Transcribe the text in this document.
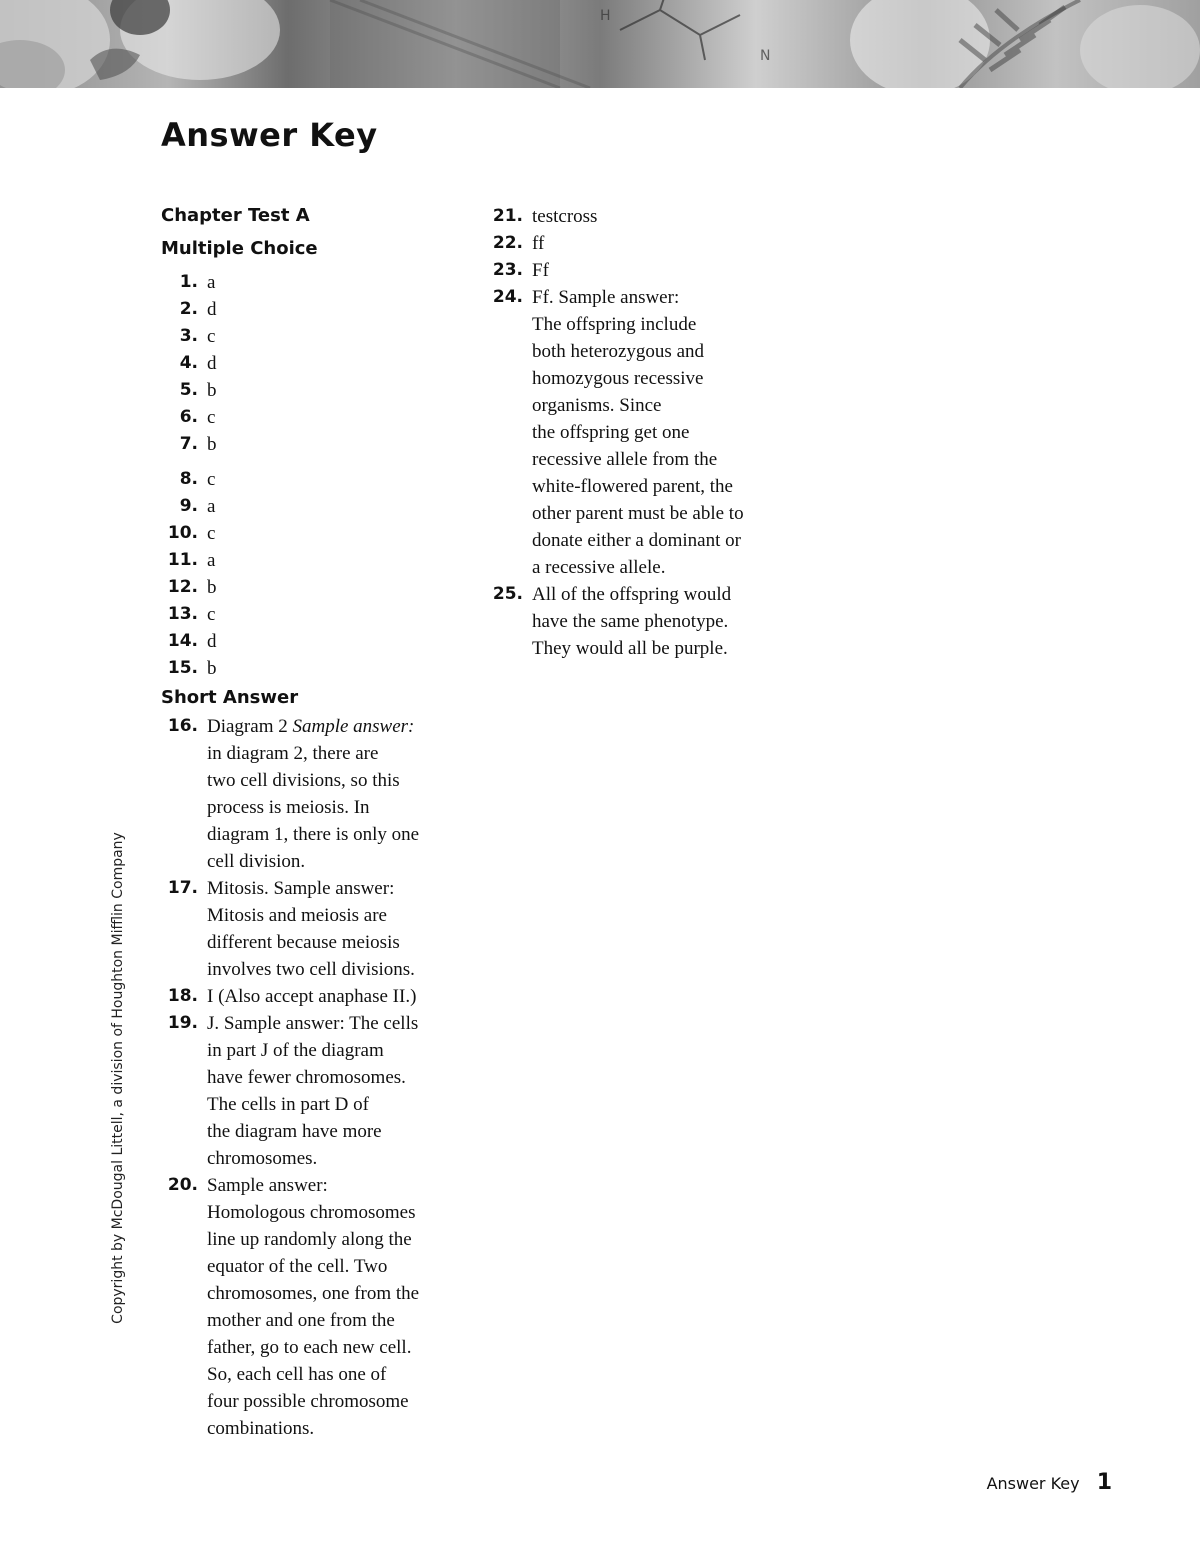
H
N
Answer Key
Chapter Test A
Multiple Choice
1. a
2. d
3. c
4. d
5. b
6. c
7. b
8. c
9. a
10. c
11. a
12. b
13. c
14. d
15. b
Short Answer
16. Diagram 2 Sample answer:
in diagram 2, there are
two cell divisions, so this
process is meiosis. In
diagram 1, there is only one
cell division.
17. Mitosis. Sample answer:
Mitosis and meiosis are
different because meiosis
involves two cell divisions.
18. I (Also accept anaphase II.)
19. J. Sample answer: The cells
in part J of the diagram
have fewer chromosomes.
The cells in part D of
the diagram have more
chromosomes.
20. Sample answer:
Homologous chromosomes
line up randomly along the
equator of the cell. Two
chromosomes, one from the
mother and one from the
father, go to each new cell.
So, each cell has one of
four possible chromosome
combinations.
21. testcross
22. ff
23. Ff
24. Ff. Sample answer:
The offspring include
both heterozygous and
homozygous recessive
organisms. Since
the offspring get one
recessive allele from the
white-flowered parent, the
other parent must be able to
donate either a dominant or
a recessive allele.
25. All of the offspring would
have the same phenotype.
They would all be purple.
Copyright by McDougal Littell, a division of Houghton Mifflin Company
Answer Key 1
